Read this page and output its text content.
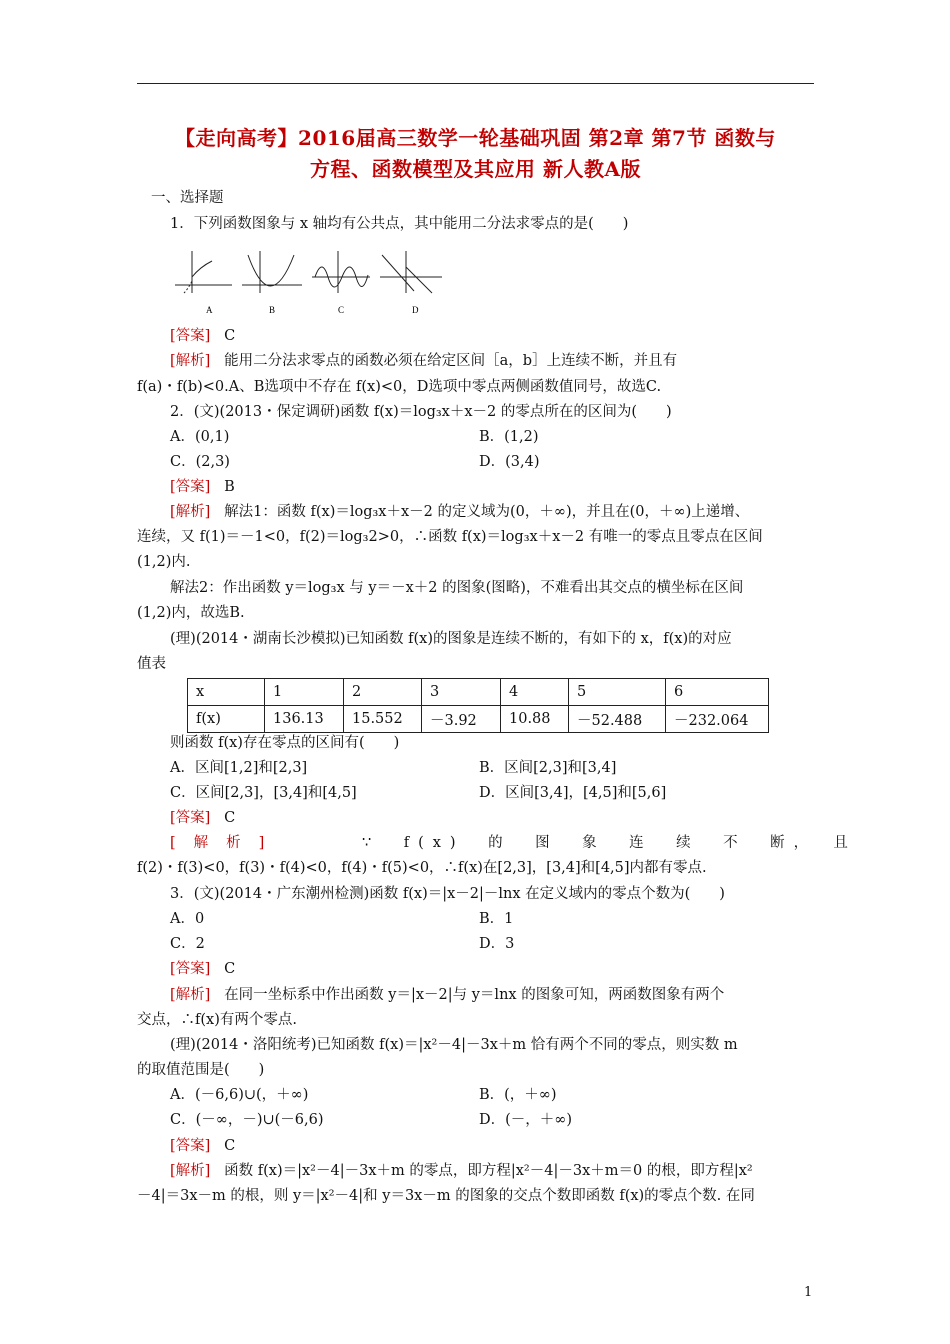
【走向高考】2016届高三数学一轮基础巩固 第2章 第7节 函数与
方程、函数模型及其应用 新人教A版
一、选择题
1．下列函数图象与 x 轴均有公共点，其中能用二分法求零点的是(　　)
A	B	C	D
[答案] C
[解析] 能用二分法求零点的函数必须在给定区间［a，b］上连续不断，并且有
f(a)・f(b)<0.A、B选项中不存在 f(x)<0，D选项中零点两侧函数值同号，故选C.
2．(文)(2013・保定调研)函数 f(x)＝log₃x＋x－2 的零点所在的区间为(　　)
A．(0,1)	B．(1,2)
C．(2,3)	D．(3,4)
[答案] B
[解析] 解法1：函数 f(x)＝log₃x＋x－2 的定义域为(0，＋∞)，并且在(0，＋∞)上递增、
连续，又 f(1)＝－1<0，f(2)＝log₃2>0，∴函数 f(x)＝log₃x＋x－2 有唯一的零点且零点在区间
(1,2)内.
解法2：作出函数 y＝log₃x 与 y＝－x＋2 的图象(图略)，不难看出其交点的横坐标在区间
(1,2)内，故选B.
(理)(2014・湖南长沙模拟)已知函数 f(x)的图象是连续不断的，有如下的 x，f(x)的对应
值表
x	1	2	3	4	5	6
f(x)	136.13	15.552	－3.92	10.88	－52.488	－232.064
则函数 f(x)存在零点的区间有(　　)
A．区间[1,2]和[2,3]	B．区间[2,3]和[3,4]
C．区间[2,3]，[3,4]和[4,5]	D．区间[3,4]，[4,5]和[5,6]
[答案] C
[解析]	∵　f(x)　的　图　象　连　续　不　断，　且
f(2)・f(3)<0，f(3)・f(4)<0，f(4)・f(5)<0，∴f(x)在[2,3]，[3,4]和[4,5]内都有零点.
3．(文)(2014・广东潮州检测)函数 f(x)＝|x－2|－lnx 在定义域内的零点个数为(　　)
A．0	B．1
C．2	D．3
[答案] C
[解析] 在同一坐标系中作出函数 y＝|x－2|与 y＝lnx 的图象可知，两函数图象有两个
交点，∴f(x)有两个零点.
(理)(2014・洛阳统考)已知函数 f(x)＝|x²－4|－3x＋m 恰有两个不同的零点，则实数 m
的取值范围是(　　)
A．(－6,6)∪(，＋∞)	B．(，＋∞)
C．(－∞，－)∪(－6,6)	D．(－，＋∞)
[答案] C
[解析] 函数 f(x)＝|x²－4|－3x＋m 的零点，即方程|x²－4|－3x＋m＝0 的根，即方程|x²
－4|＝3x－m 的根，则 y＝|x²－4|和 y＝3x－m 的图象的交点个数即函数 f(x)的零点个数. 在同
1
